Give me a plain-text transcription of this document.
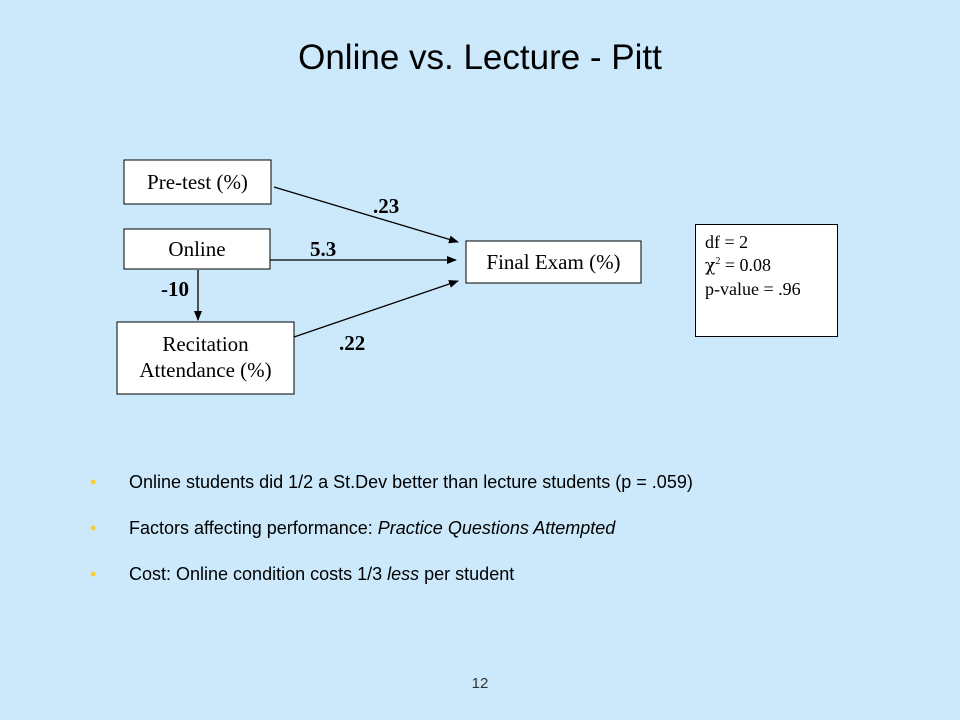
Online vs. Lecture - Pitt
Pre-test (%)
Online
Recitation
Attendance (%)
Final Exam (%)
.23
5.3
-10
.22
df = 2
$\chi^2 = 0.08$
p-value = .96
• Online students did 1/2 a St.Dev better than lecture students (p = .059)
• Factors affecting performance: Practice Questions Attempted
• Cost: Online condition costs 1/3 less per student
12
